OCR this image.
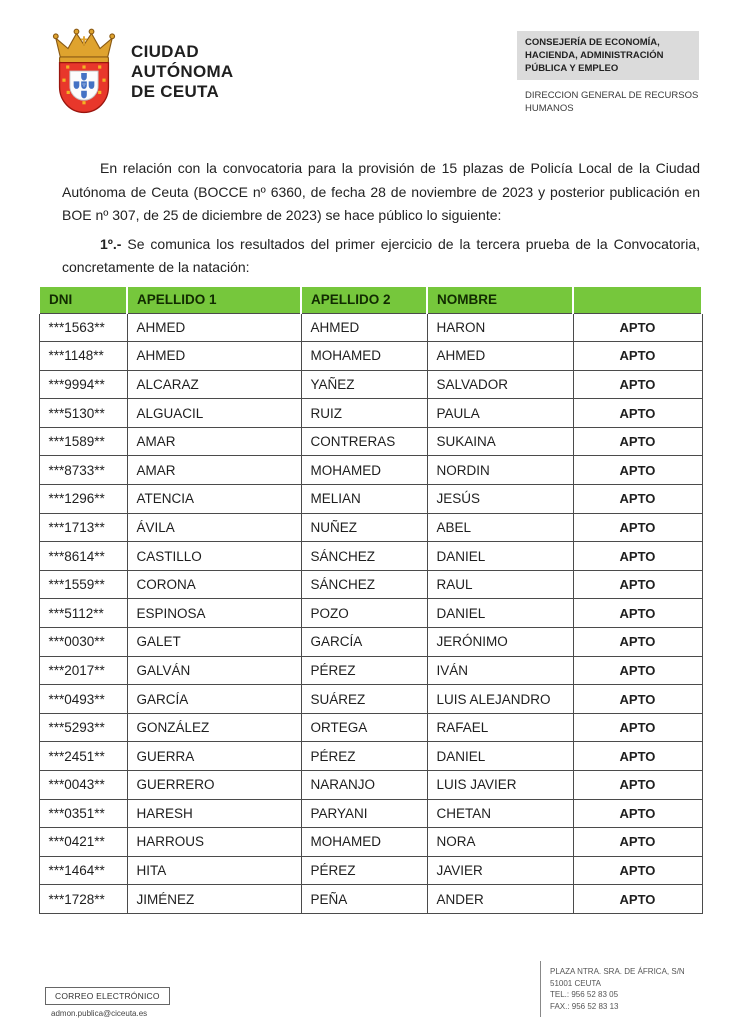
CIUDAD
AUTÓNOMA
DE CEUTA
CONSEJERÍA DE ECONOMÍA, HACIENDA, ADMINISTRACIÓN PÚBLICA Y EMPLEO
DIRECCION GENERAL DE RECURSOS HUMANOS

En relación con la convocatoria para la provisión de 15 plazas de Policía Local de la Ciudad Autónoma de Ceuta (BOCCE nº 6360, de fecha 28 de noviembre de 2023 y posterior publicación en BOE nº 307, de 25 de diciembre de 2023) se hace público lo siguiente:

1º.- Se comunica los resultados del primer ejercicio de la tercera prueba de la Convocatoria, concretamente de la natación:

DNI	APELLIDO 1	APELLIDO 2	NOMBRE	
***1563**	AHMED	AHMED	HARON	APTO
***1148**	AHMED	MOHAMED	AHMED	APTO
***9994**	ALCARAZ	YAÑEZ	SALVADOR	APTO
***5130**	ALGUACIL	RUIZ	PAULA	APTO
***1589**	AMAR	CONTRERAS	SUKAINA	APTO
***8733**	AMAR	MOHAMED	NORDIN	APTO
***1296**	ATENCIA	MELIAN	JESÚS	APTO
***1713**	ÁVILA	NUÑEZ	ABEL	APTO
***8614**	CASTILLO	SÁNCHEZ	DANIEL	APTO
***1559**	CORONA	SÁNCHEZ	RAUL	APTO
***5112**	ESPINOSA	POZO	DANIEL	APTO
***0030**	GALET	GARCÍA	JERÓNIMO	APTO
***2017**	GALVÁN	PÉREZ	IVÁN	APTO
***0493**	GARCÍA	SUÁREZ	LUIS ALEJANDRO	APTO
***5293**	GONZÁLEZ	ORTEGA	RAFAEL	APTO
***2451**	GUERRA	PÉREZ	DANIEL	APTO
***0043**	GUERRERO	NARANJO	LUIS JAVIER	APTO
***0351**	HARESH	PARYANI	CHETAN	APTO
***0421**	HARROUS	MOHAMED	NORA	APTO
***1464**	HITA	PÉREZ	JAVIER	APTO
***1728**	JIMÉNEZ	PEÑA	ANDER	APTO
CORREO ELECTRÓNICO
admon.publica@ciceuta.es
PLAZA NTRA. SRA. DE ÁFRICA, S/N
51001 CEUTA
TEL.: 956 52 83 05
FAX.: 956 52 83 13
